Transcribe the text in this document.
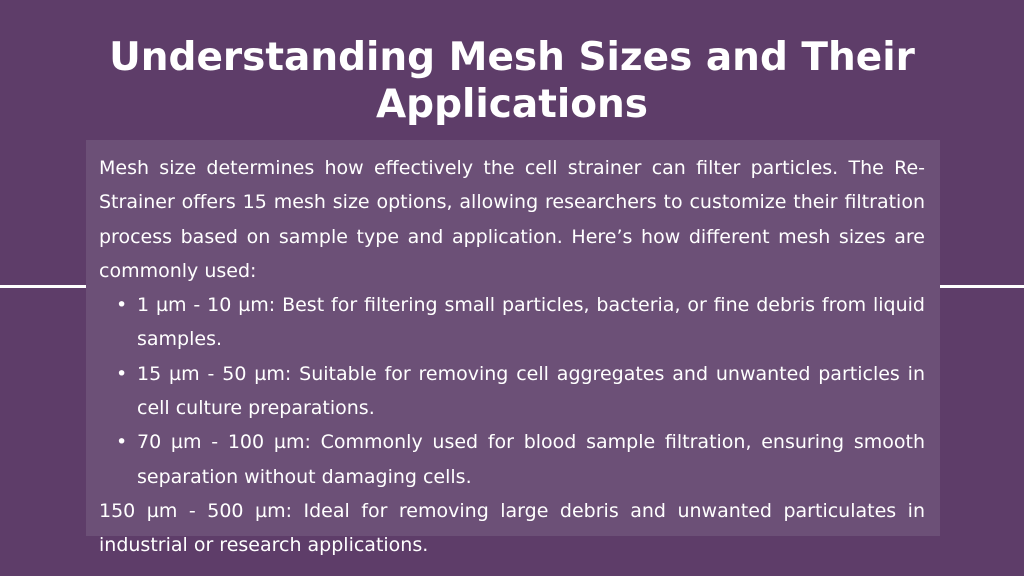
Understanding Mesh Sizes and Their Applications

Mesh size determines how effectively the cell strainer can filter particles. The Re-Strainer offers 15 mesh size options, allowing researchers to customize their filtration process based on sample type and application. Here’s how different mesh sizes are commonly used:

• 1 µm - 10 µm: Best for filtering small particles, bacteria, or fine debris from liquid samples.
• 15 µm - 50 µm: Suitable for removing cell aggregates and unwanted particles in cell culture preparations.
• 70 µm - 100 µm: Commonly used for blood sample filtration, ensuring smooth separation without damaging cells.

150 µm - 500 µm: Ideal for removing large debris and unwanted particulates in industrial or research applications.
